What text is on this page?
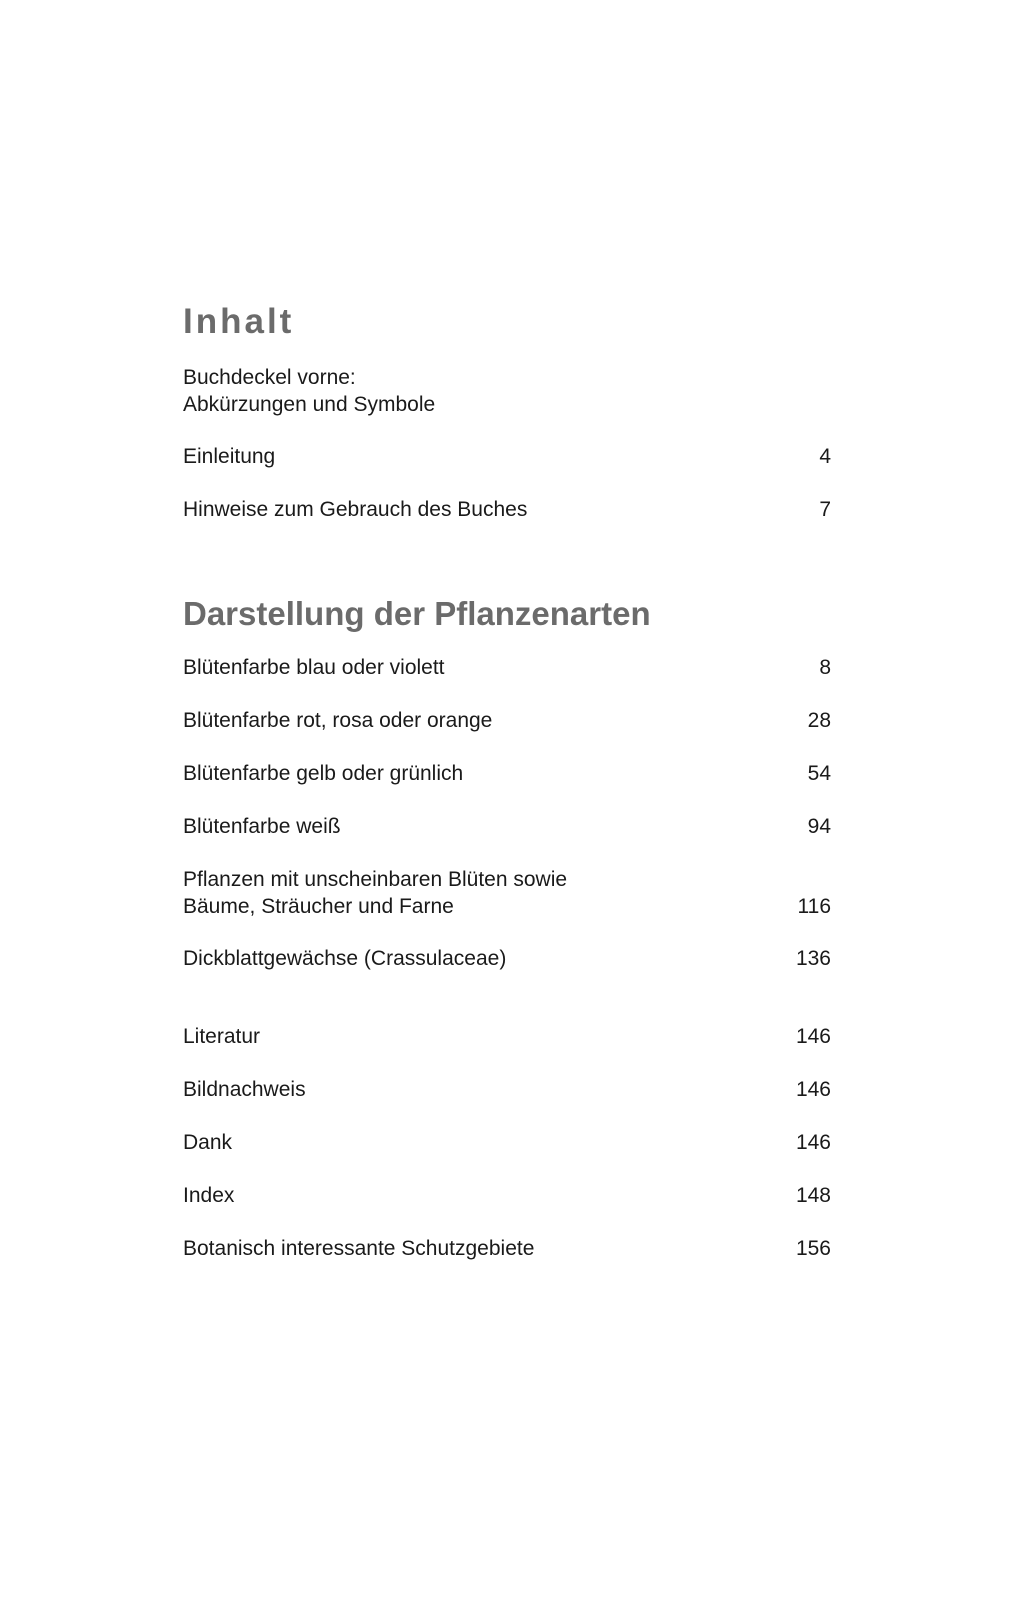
Inhalt
Buchdeckel vorne:
Abkürzungen und Symbole
Einleitung	4
Hinweise zum Gebrauch des Buches	7
Darstellung der Pflanzenarten
Blütenfarbe blau oder violett	8
Blütenfarbe rot, rosa oder orange	28
Blütenfarbe gelb oder grünlich	54
Blütenfarbe weiß	94
Pflanzen mit unscheinbaren Blüten sowie
Bäume, Sträucher und Farne	116
Dickblattgewächse (Crassulaceae)	136
Literatur	146
Bildnachweis	146
Dank	146
Index	148
Botanisch interessante Schutzgebiete	156
